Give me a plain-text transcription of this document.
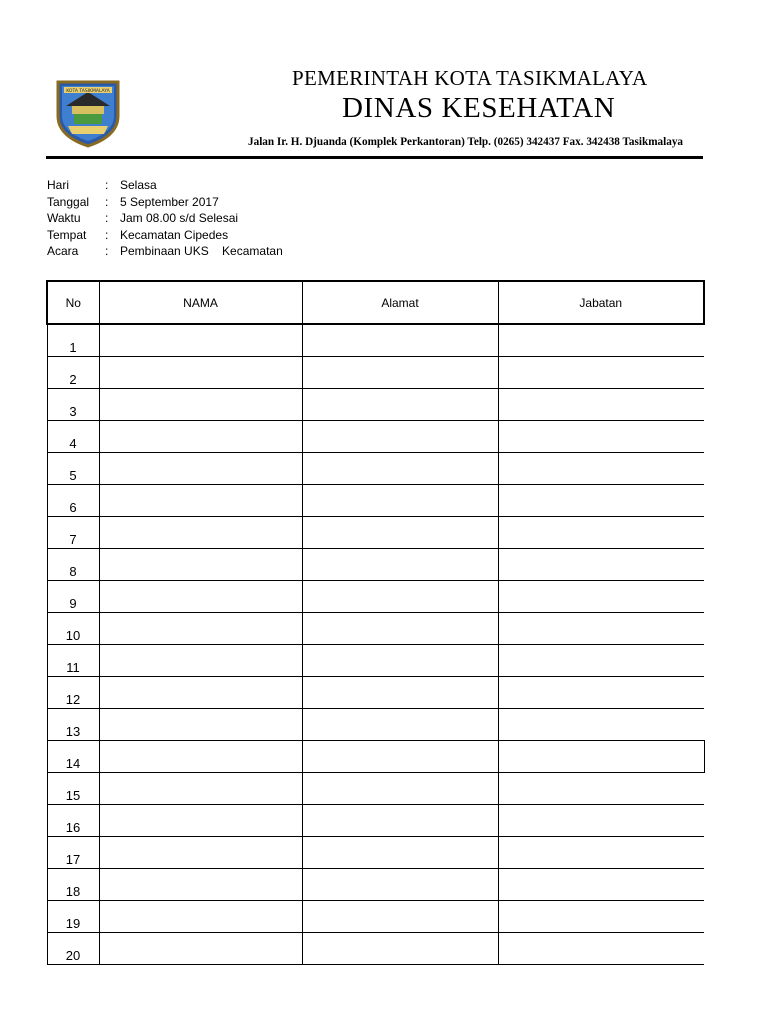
KOTA TASIKMALAYA
PEMERINTAH KOTA TASIKMALAYA
DINAS KESEHATAN
Jalan Ir. H. Djuanda (Komplek Perkantoran) Telp. (0265) 342437 Fax. 342438 Tasikmalaya
Hari	: Selasa
Tanggal	: 5 September 2017
Waktu	: Jam 08.00 s/d Selesai
Tempat	: Kecamatan Cipedes
Acara	: Pembinaan UKS    Kecamatan
No	NAMA	Alamat	Jabatan
1			
2			
3			
4			
5			
6			
7			
8			
9			
10			
11			
12			
13			
14			
15			
16			
17			
18			
19			
20			
